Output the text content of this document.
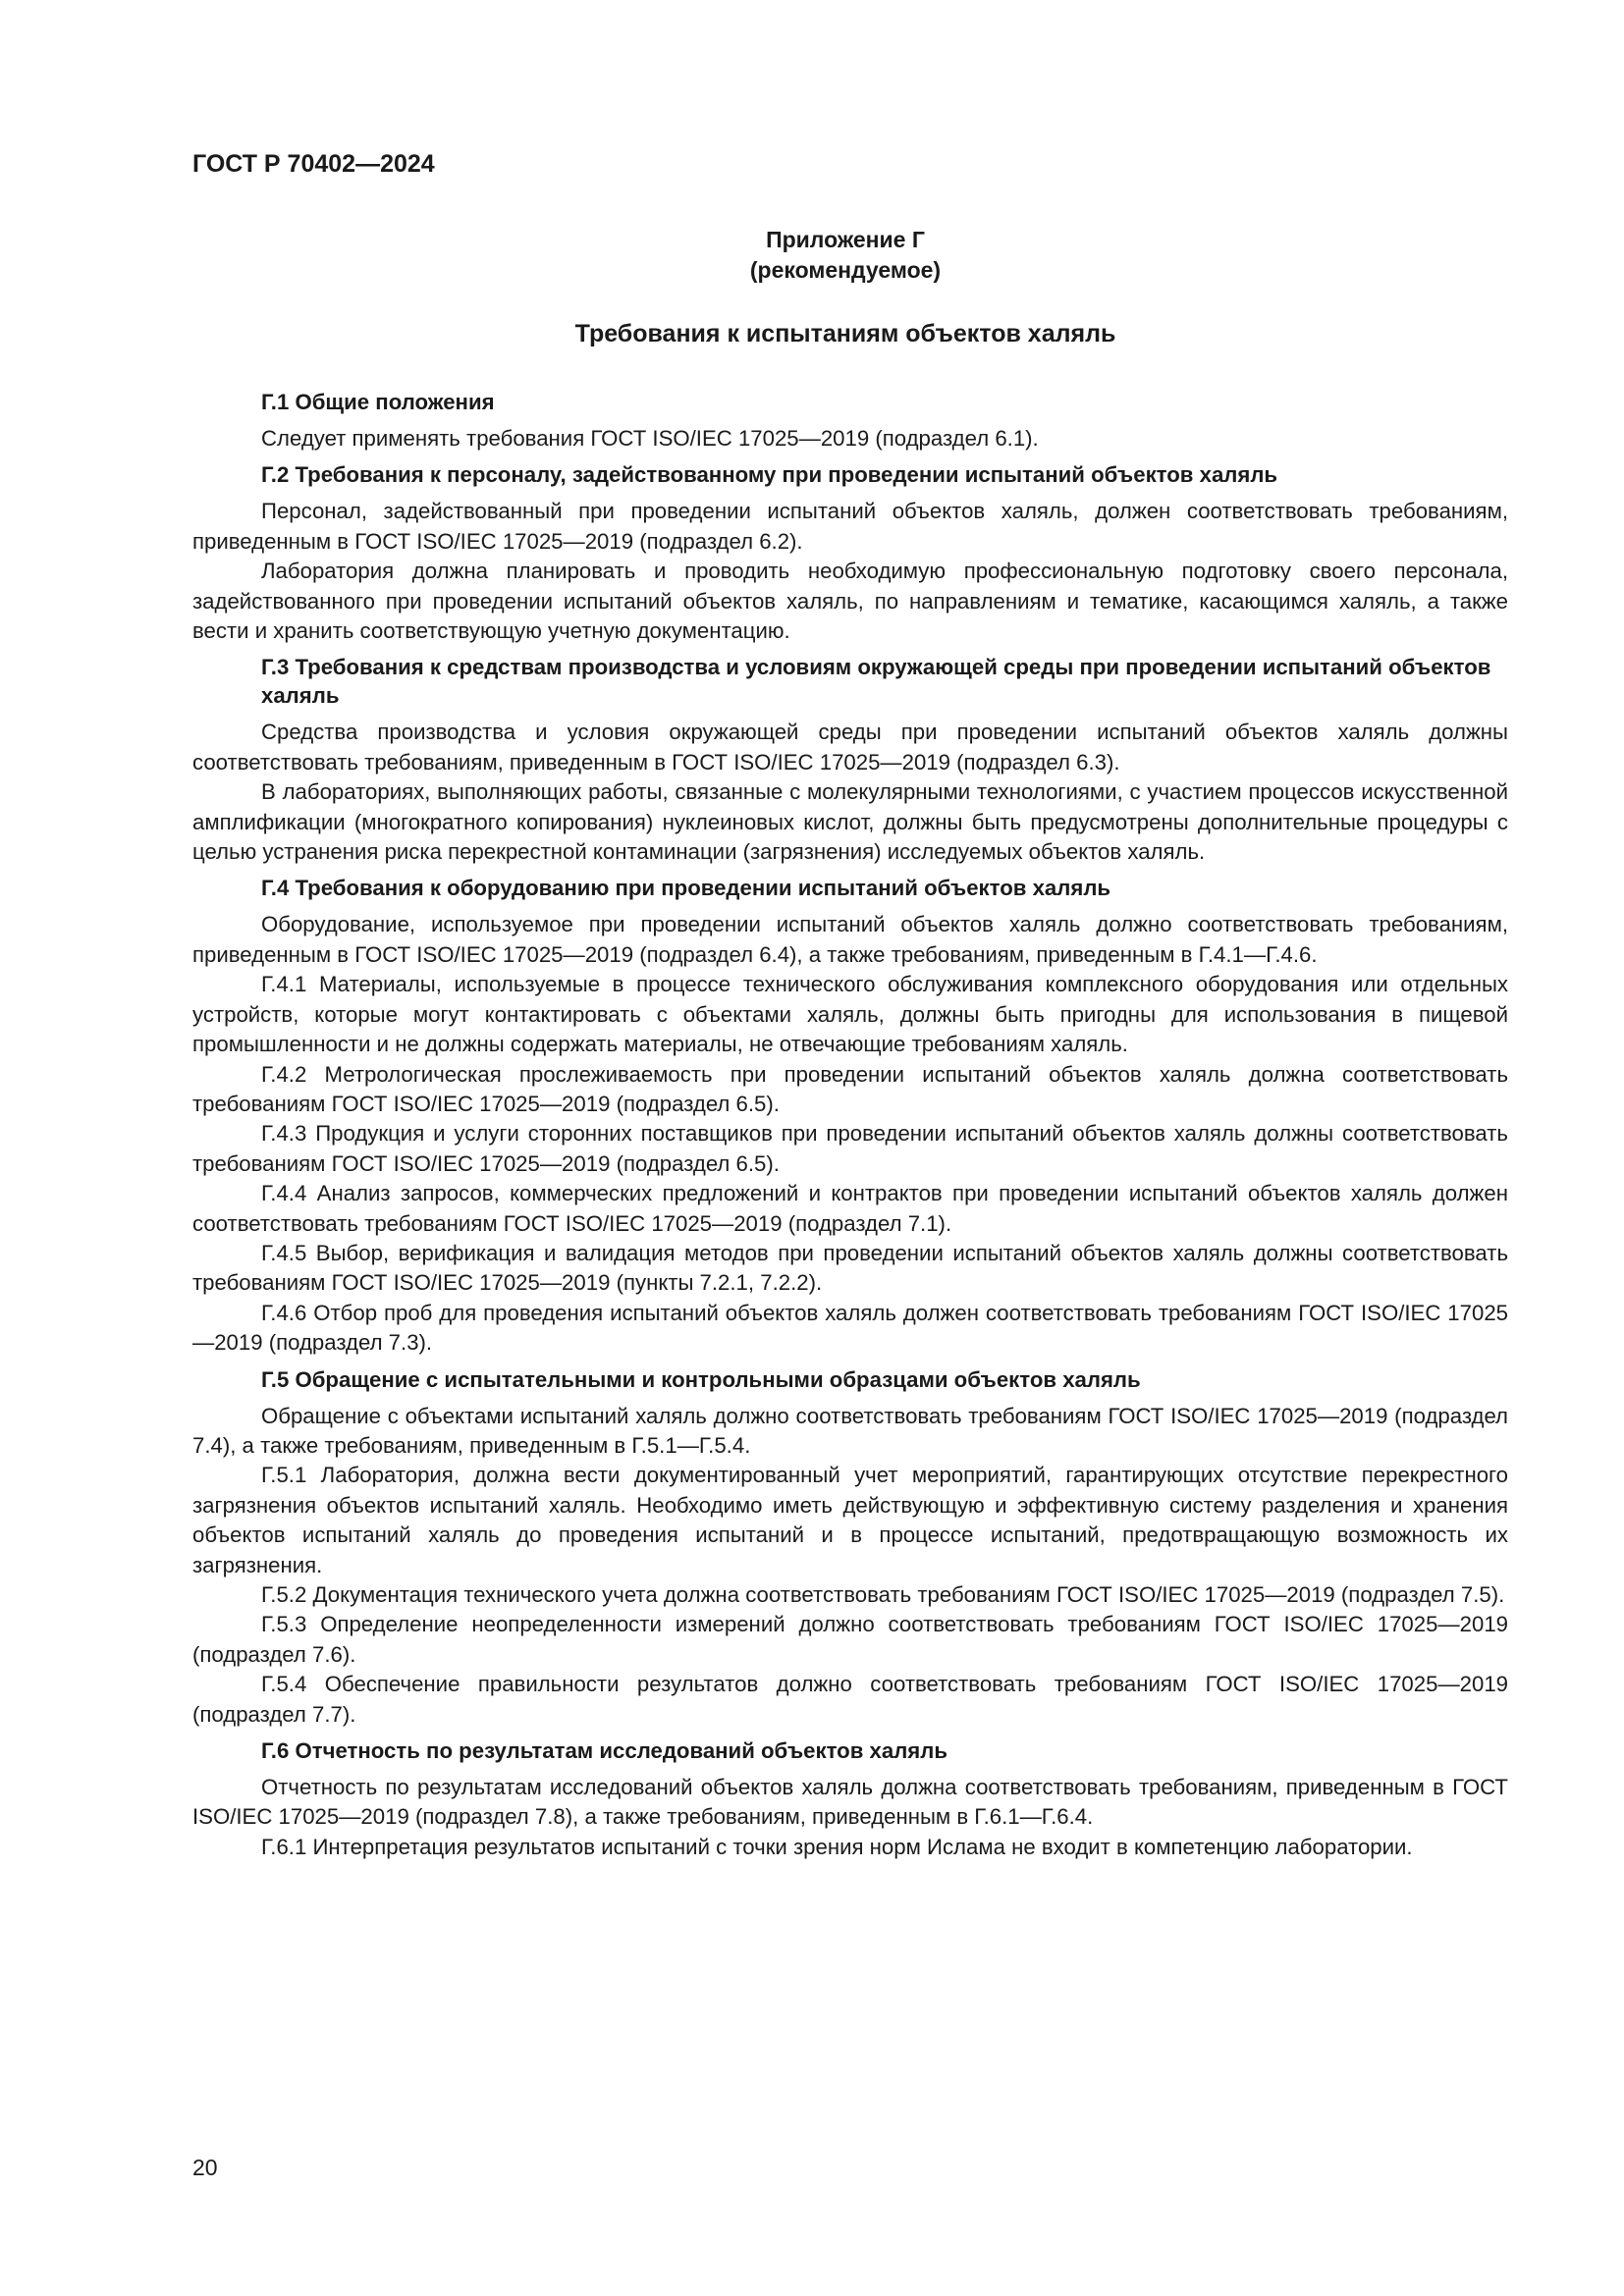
ГОСТ Р 70402—2024
Приложение Г
(рекомендуемое)
Требования к испытаниям объектов халяль
Г.1 Общие положения

Следует применять требования ГОСТ ISO/IEC 17025—2019 (подраздел 6.1).

Г.2 Требования к персоналу, задействованному при проведении испытаний объектов халяль

Персонал, задействованный при проведении испытаний объектов халяль, должен соответствовать требованиям, приведенным в ГОСТ ISO/IEC 17025—2019 (подраздел 6.2).

Лаборатория должна планировать и проводить необходимую профессиональную подготовку своего персонала, задействованного при проведении испытаний объектов халяль, по направлениям и тематике, касающимся халяль, а также вести и хранить соответствующую учетную документацию.

Г.3 Требования к средствам производства и условиям окружающей среды при проведении испытаний объектов халяль

Средства производства и условия окружающей среды при проведении испытаний объектов халяль должны соответствовать требованиям, приведенным в ГОСТ ISO/IEC 17025—2019 (подраздел 6.3).

В лабораториях, выполняющих работы, связанные с молекулярными технологиями, с участием процессов искусственной амплификации (многократного копирования) нуклеиновых кислот, должны быть предусмотрены дополнительные процедуры с целью устранения риска перекрестной контаминации (загрязнения) исследуемых объектов халяль.

Г.4 Требования к оборудованию при проведении испытаний объектов халяль

Оборудование, используемое при проведении испытаний объектов халяль должно соответствовать требованиям, приведенным в ГОСТ ISO/IEC 17025—2019 (подраздел 6.4), а также требованиям, приведенным в Г.4.1—Г.4.6.

Г.4.1 Материалы, используемые в процессе технического обслуживания комплексного оборудования или отдельных устройств, которые могут контактировать с объектами халяль, должны быть пригодны для использования в пищевой промышленности и не должны содержать материалы, не отвечающие требованиям халяль.

Г.4.2 Метрологическая прослеживаемость при проведении испытаний объектов халяль должна соответствовать требованиям ГОСТ ISO/IEC 17025—2019 (подраздел 6.5).

Г.4.3 Продукция и услуги сторонних поставщиков при проведении испытаний объектов халяль должны соответствовать требованиям ГОСТ ISO/IEC 17025—2019 (подраздел 6.5).

Г.4.4 Анализ запросов, коммерческих предложений и контрактов при проведении испытаний объектов халяль должен соответствовать требованиям ГОСТ ISO/IEC 17025—2019 (подраздел 7.1).

Г.4.5 Выбор, верификация и валидация методов при проведении испытаний объектов халяль должны соответствовать требованиям ГОСТ ISO/IEC 17025—2019 (пункты 7.2.1, 7.2.2).

Г.4.6 Отбор проб для проведения испытаний объектов халяль должен соответствовать требованиям ГОСТ ISO/IEC 17025—2019 (подраздел 7.3).

Г.5 Обращение с испытательными и контрольными образцами объектов халяль

Обращение с объектами испытаний халяль должно соответствовать требованиям ГОСТ ISO/IEC 17025—2019 (подраздел 7.4), а также требованиям, приведенным в Г.5.1—Г.5.4.

Г.5.1 Лаборатория, должна вести документированный учет мероприятий, гарантирующих отсутствие перекрестного загрязнения объектов испытаний халяль. Необходимо иметь действующую и эффективную систему разделения и хранения объектов испытаний халяль до проведения испытаний и в процессе испытаний, предотвращающую возможность их загрязнения.

Г.5.2 Документация технического учета должна соответствовать требованиям ГОСТ ISO/IEC 17025—2019 (подраздел 7.5).

Г.5.3 Определение неопределенности измерений должно соответствовать требованиям ГОСТ ISO/IEC 17025—2019 (подраздел 7.6).

Г.5.4 Обеспечение правильности результатов должно соответствовать требованиям ГОСТ ISO/IEC 17025—2019 (подраздел 7.7).

Г.6 Отчетность по результатам исследований объектов халяль

Отчетность по результатам исследований объектов халяль должна соответствовать требованиям, приведенным в ГОСТ ISO/IEC 17025—2019 (подраздел 7.8), а также требованиям, приведенным в Г.6.1—Г.6.4.

Г.6.1 Интерпретация результатов испытаний с точки зрения норм Ислама не входит в компетенцию лаборатории.

20
